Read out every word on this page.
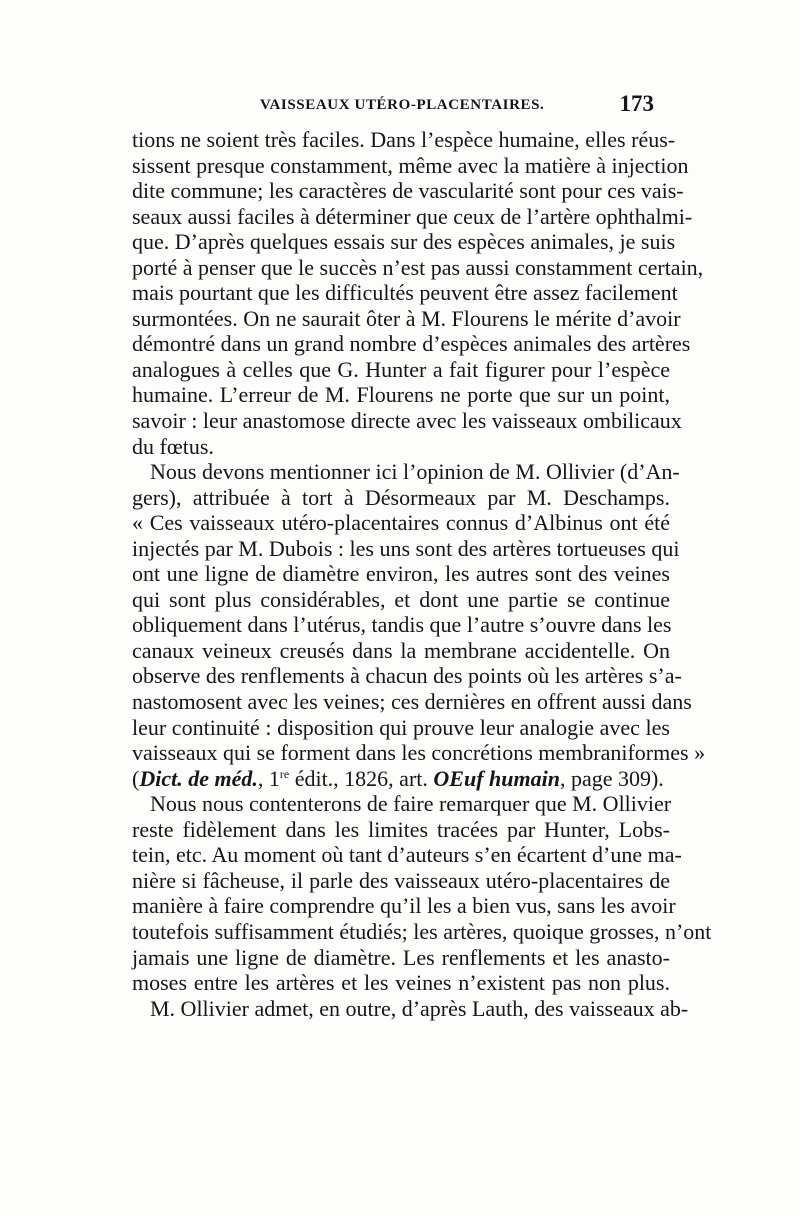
VAISSEAUX UTÉRO-PLACENTAIRES.	173
tions ne soient très faciles. Dans l’espèce humaine, elles réus-
sissent presque constamment, même avec la matière à injection
dite commune; les caractères de vascularité sont pour ces vais-
seaux aussi faciles à déterminer que ceux de l’artère ophthalmi-
que. D’après quelques essais sur des espèces animales, je suis
porté à penser que le succès n’est pas aussi constamment certain,
mais pourtant que les difficultés peuvent être assez facilement
surmontées. On ne saurait ôter à M. Flourens le mérite d’avoir
démontré dans un grand nombre d’espèces animales des artères
analogues à celles que G. Hunter a fait figurer pour l’espèce
humaine. L’erreur de M. Flourens ne porte que sur un point,
savoir : leur anastomose directe avec les vaisseaux ombilicaux
du fœtus.
Nous devons mentionner ici l’opinion de M. Ollivier (d’An-
gers), attribuée à tort à Désormeaux par M. Deschamps.
« Ces vaisseaux utéro-placentaires connus d’Albinus ont été
injectés par M. Dubois : les uns sont des artères tortueuses qui
ont une ligne de diamètre environ, les autres sont des veines
qui sont plus considérables, et dont une partie se continue
obliquement dans l’utérus, tandis que l’autre s’ouvre dans les
canaux veineux creusés dans la membrane accidentelle. On
observe des renflements à chacun des points où les artères s’a-
nastomosent avec les veines; ces dernières en offrent aussi dans
leur continuité : disposition qui prouve leur analogie avec les
vaisseaux qui se forment dans les concrétions membraniformes »
(Dict. de méd., 1re édit., 1826, art. OEuf humain, page 309).
Nous nous contenterons de faire remarquer que M. Ollivier
reste fidèlement dans les limites tracées par Hunter, Lobs-
tein, etc. Au moment où tant d’auteurs s’en écartent d’une ma-
nière si fâcheuse, il parle des vaisseaux utéro-placentaires de
manière à faire comprendre qu’il les a bien vus, sans les avoir
toutefois suffisamment étudiés; les artères, quoique grosses, n’ont
jamais une ligne de diamètre. Les renflements et les anasto-
moses entre les artères et les veines n’existent pas non plus.
M. Ollivier admet, en outre, d’après Lauth, des vaisseaux ab-
